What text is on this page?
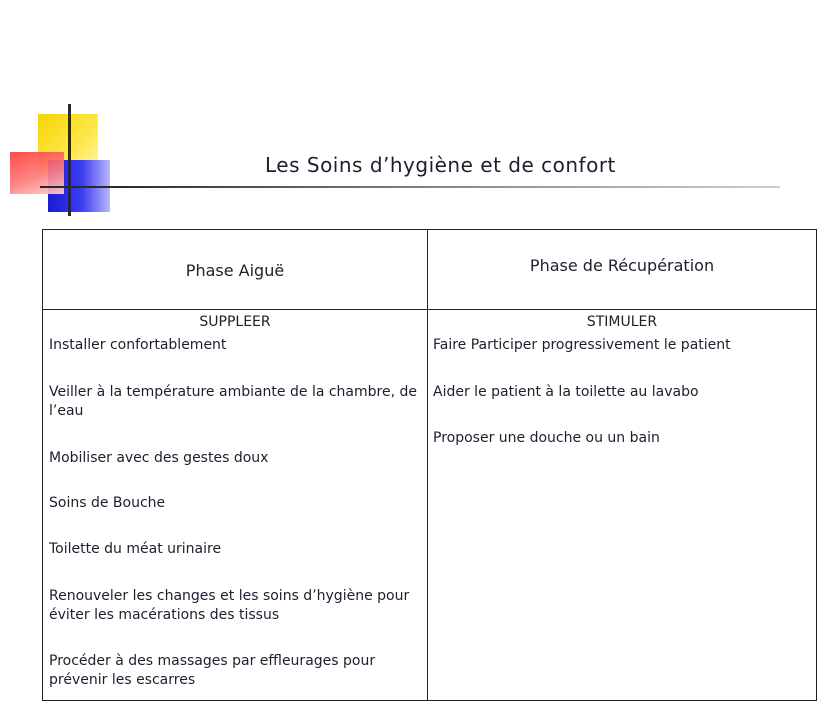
Les Soins d’hygiène et de confort
Phase Aiguë	Phase de Récupération
SUPPLEER
Installer confortablement
Veiller à la température ambiante de la chambre, de l’eau
Mobiliser avec des gestes doux
Soins de Bouche
Toilette du méat urinaire
Renouveler les changes et les soins d’hygiène pour éviter les macérations des tissus
Procéder à des massages par effleurages pour prévenir les escarres
STIMULER
Faire Participer progressivement le patient
Aider le patient à la toilette au lavabo
Proposer une douche ou un bain
